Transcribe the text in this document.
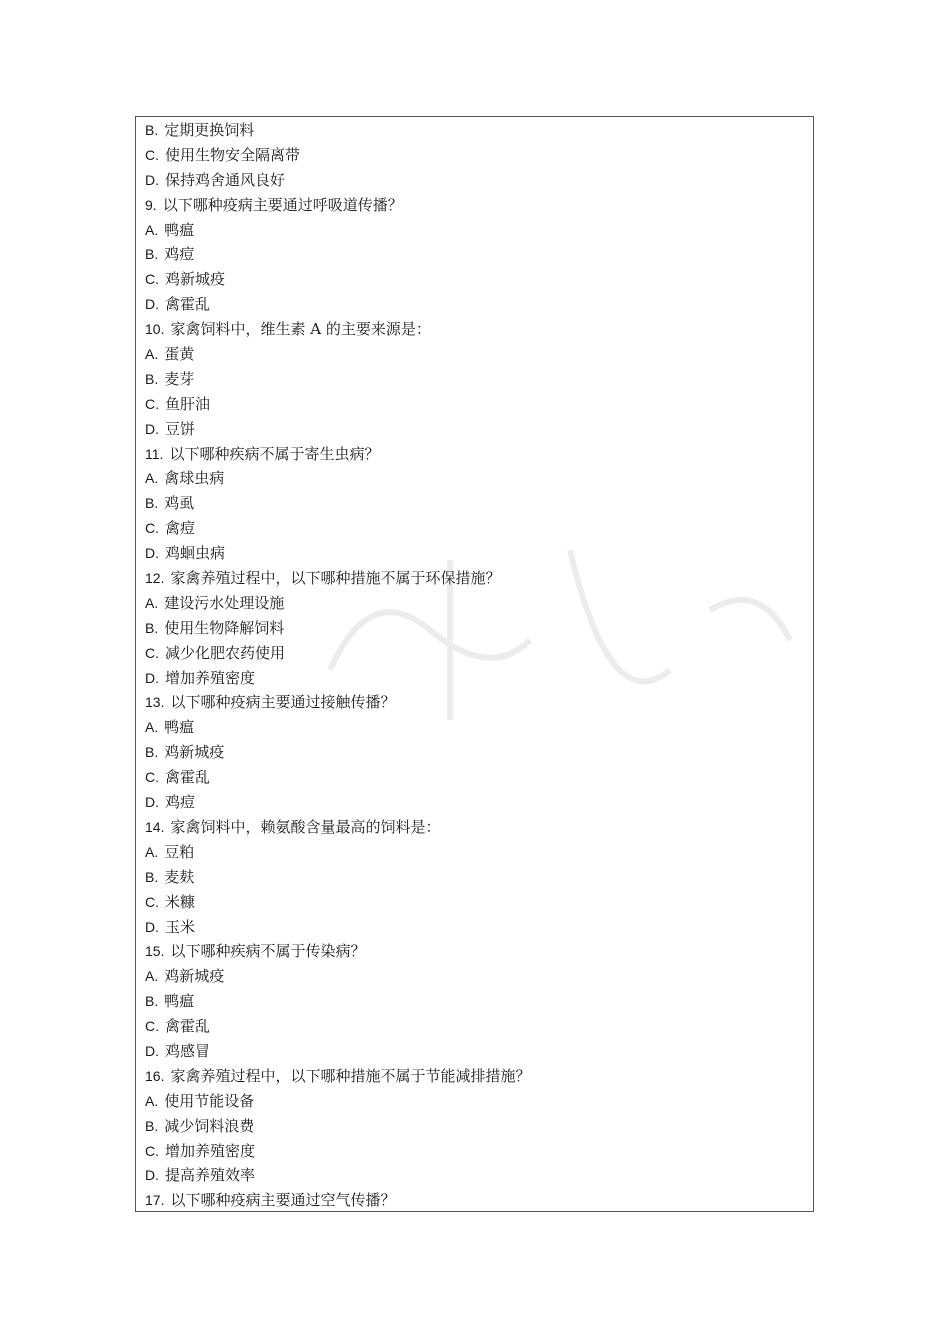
B. 定期更换饲料
C. 使用生物安全隔离带
D. 保持鸡舍通风良好
9. 以下哪种疫病主要通过呼吸道传播？
A. 鸭瘟
B. 鸡痘
C. 鸡新城疫
D. 禽霍乱
10. 家禽饲料中，维生素 A 的主要来源是：
A. 蛋黄
B. 麦芽
C. 鱼肝油
D. 豆饼
11. 以下哪种疾病不属于寄生虫病？
A. 禽球虫病
B. 鸡虱
C. 禽痘
D. 鸡蛔虫病
12. 家禽养殖过程中，以下哪种措施不属于环保措施？
A. 建设污水处理设施
B. 使用生物降解饲料
C. 减少化肥农药使用
D. 增加养殖密度
13. 以下哪种疫病主要通过接触传播？
A. 鸭瘟
B. 鸡新城疫
C. 禽霍乱
D. 鸡痘
14. 家禽饲料中，赖氨酸含量最高的饲料是：
A. 豆粕
B. 麦麸
C. 米糠
D. 玉米
15. 以下哪种疾病不属于传染病？
A. 鸡新城疫
B. 鸭瘟
C. 禽霍乱
D. 鸡感冒
16. 家禽养殖过程中，以下哪种措施不属于节能减排措施？
A. 使用节能设备
B. 减少饲料浪费
C. 增加养殖密度
D. 提高养殖效率
17. 以下哪种疫病主要通过空气传播？
